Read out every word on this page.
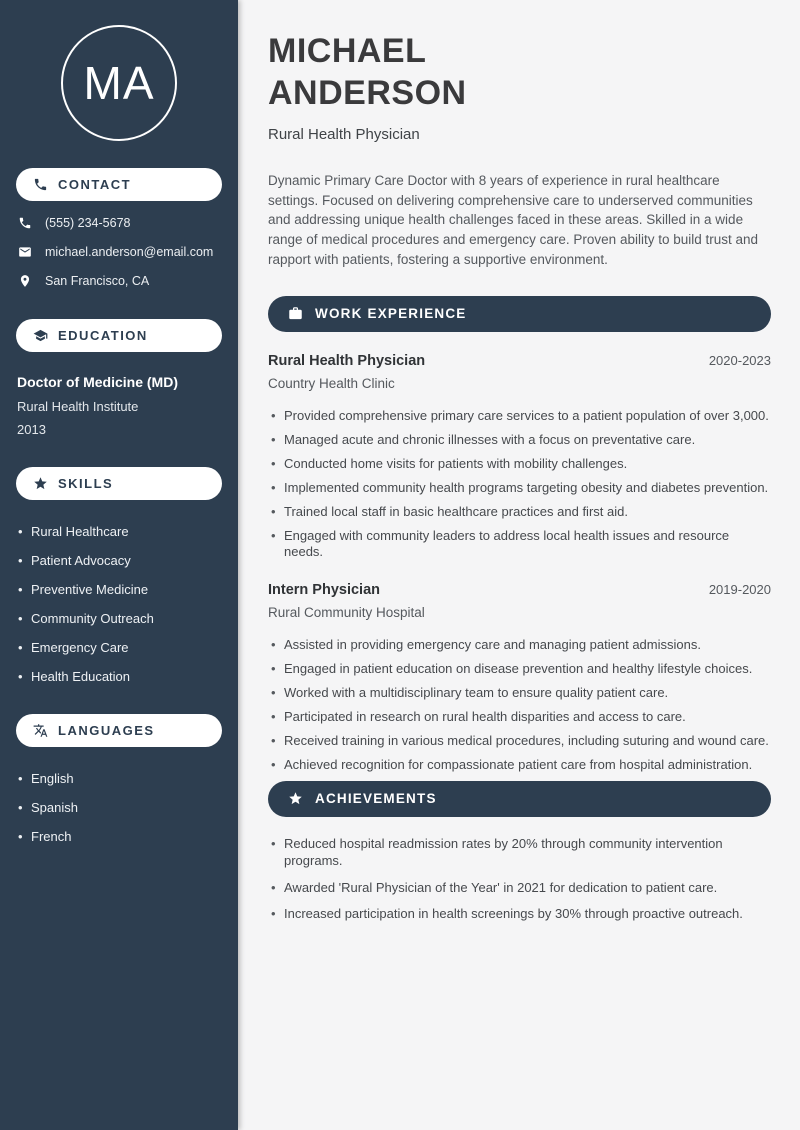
MA
CONTACT
(555) 234-5678
michael.anderson@email.com
San Francisco, CA
EDUCATION
Doctor of Medicine (MD)
Rural Health Institute
2013
SKILLS
• Rural Healthcare
• Patient Advocacy
• Preventive Medicine
• Community Outreach
• Emergency Care
• Health Education
LANGUAGES
• English
• Spanish
• French
MICHAEL
ANDERSON
Rural Health Physician

Dynamic Primary Care Doctor with 8 years of experience in rural healthcare settings. Focused on delivering comprehensive care to underserved communities and addressing unique health challenges faced in these areas. Skilled in a wide range of medical procedures and emergency care. Proven ability to build trust and rapport with patients, fostering a supportive environment.

WORK EXPERIENCE
Rural Health Physician	2020-2023
Country Health Clinic
• Provided comprehensive primary care services to a patient population of over 3,000.
• Managed acute and chronic illnesses with a focus on preventative care.
• Conducted home visits for patients with mobility challenges.
• Implemented community health programs targeting obesity and diabetes prevention.
• Trained local staff in basic healthcare practices and first aid.
• Engaged with community leaders to address local health issues and resource needs.
Intern Physician	2019-2020
Rural Community Hospital
• Assisted in providing emergency care and managing patient admissions.
• Engaged in patient education on disease prevention and healthy lifestyle choices.
• Worked with a multidisciplinary team to ensure quality patient care.
• Participated in research on rural health disparities and access to care.
• Received training in various medical procedures, including suturing and wound care.
• Achieved recognition for compassionate patient care from hospital administration.
ACHIEVEMENTS
• Reduced hospital readmission rates by 20% through community intervention programs.
• Awarded 'Rural Physician of the Year' in 2021 for dedication to patient care.
• Increased participation in health screenings by 30% through proactive outreach.
